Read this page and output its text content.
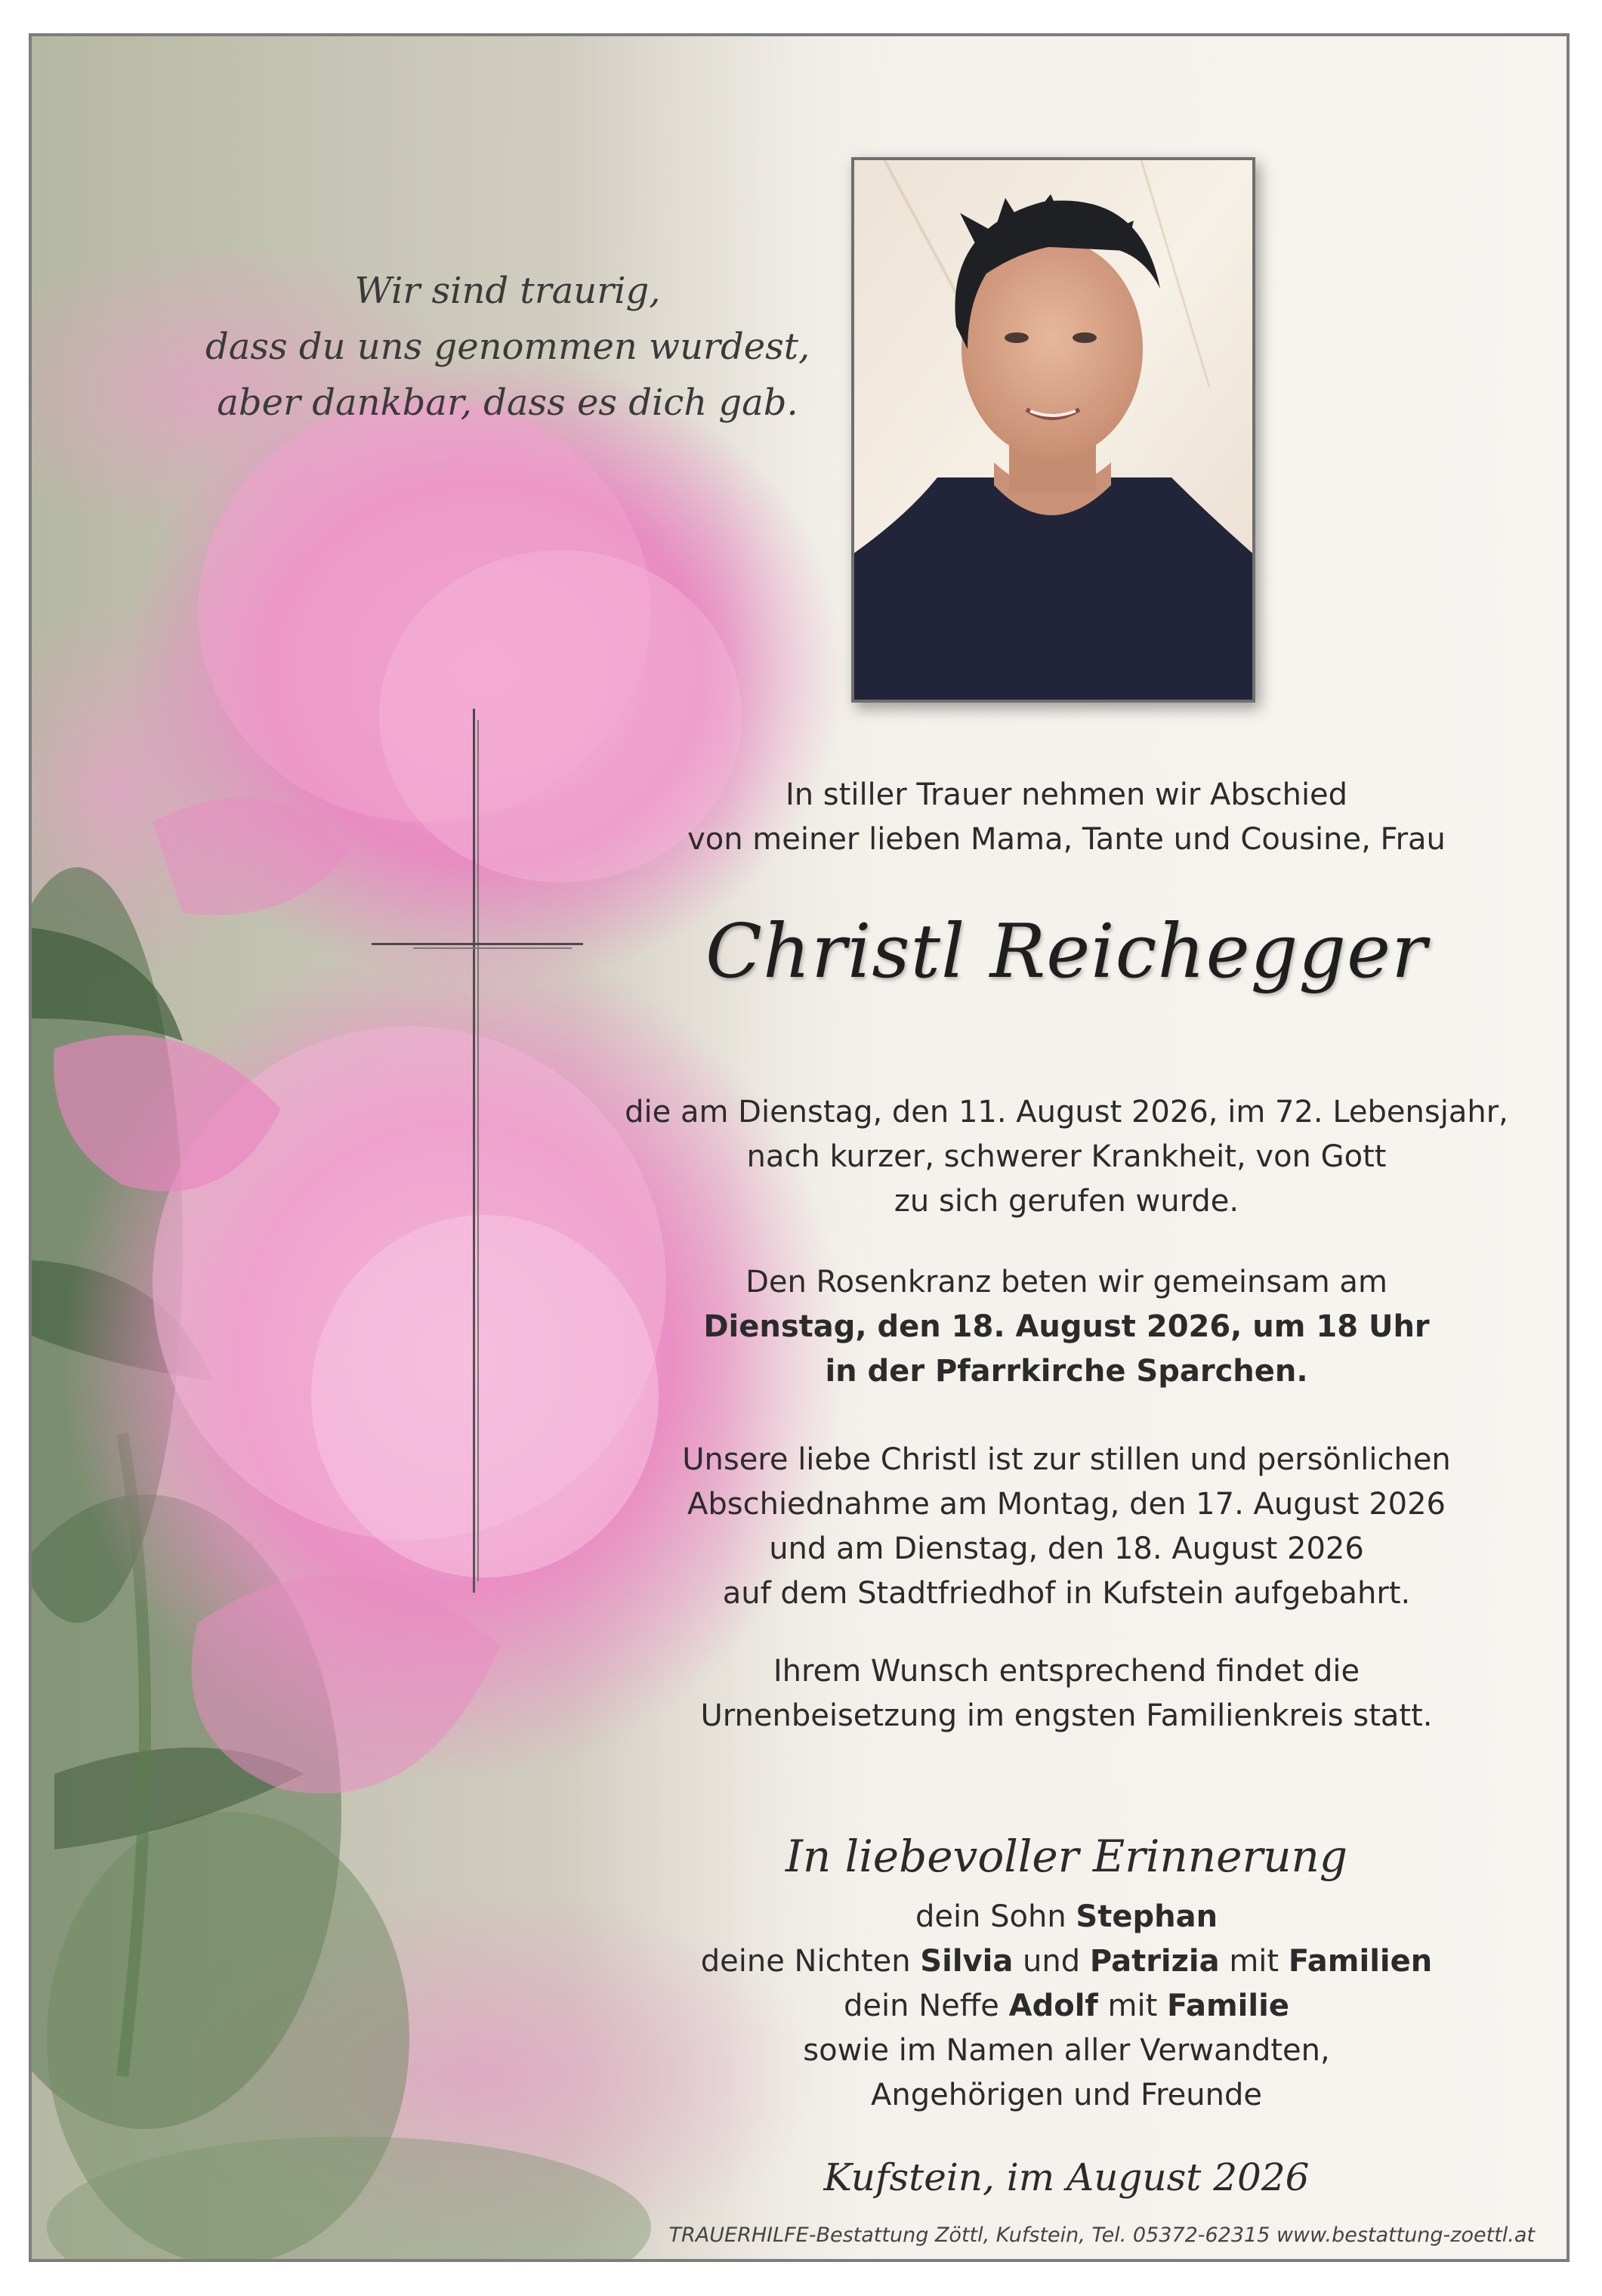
Wir sind traurig,
dass du uns genommen wurdest,
aber dankbar, dass es dich gab.
In stiller Trauer nehmen wir Abschied
von meiner lieben Mama, Tante und Cousine, Frau
Christl Reichegger
die am Dienstag, den 11. August 2026, im 72. Lebensjahr,
nach kurzer, schwerer Krankheit, von Gott
zu sich gerufen wurde.
Den Rosenkranz beten wir gemeinsam am
Dienstag, den 18. August 2026, um 18 Uhr
in der Pfarrkirche Sparchen.
Unsere liebe Christl ist zur stillen und persönlichen
Abschiednahme am Montag, den 17. August 2026
und am Dienstag, den 18. August 2026
auf dem Stadtfriedhof in Kufstein aufgebahrt.
Ihrem Wunsch entsprechend findet die
Urnenbeisetzung im engsten Familienkreis statt.
In liebevoller Erinnerung
dein Sohn Stephan
deine Nichten Silvia und Patrizia mit Familien
dein Neffe Adolf mit Familie
sowie im Namen aller Verwandten,
Angehörigen und Freunde
Kufstein, im August 2026
TRAUERHILFE-Bestattung Zöttl, Kufstein, Tel. 05372-62315 www.bestattung-zoettl.at
